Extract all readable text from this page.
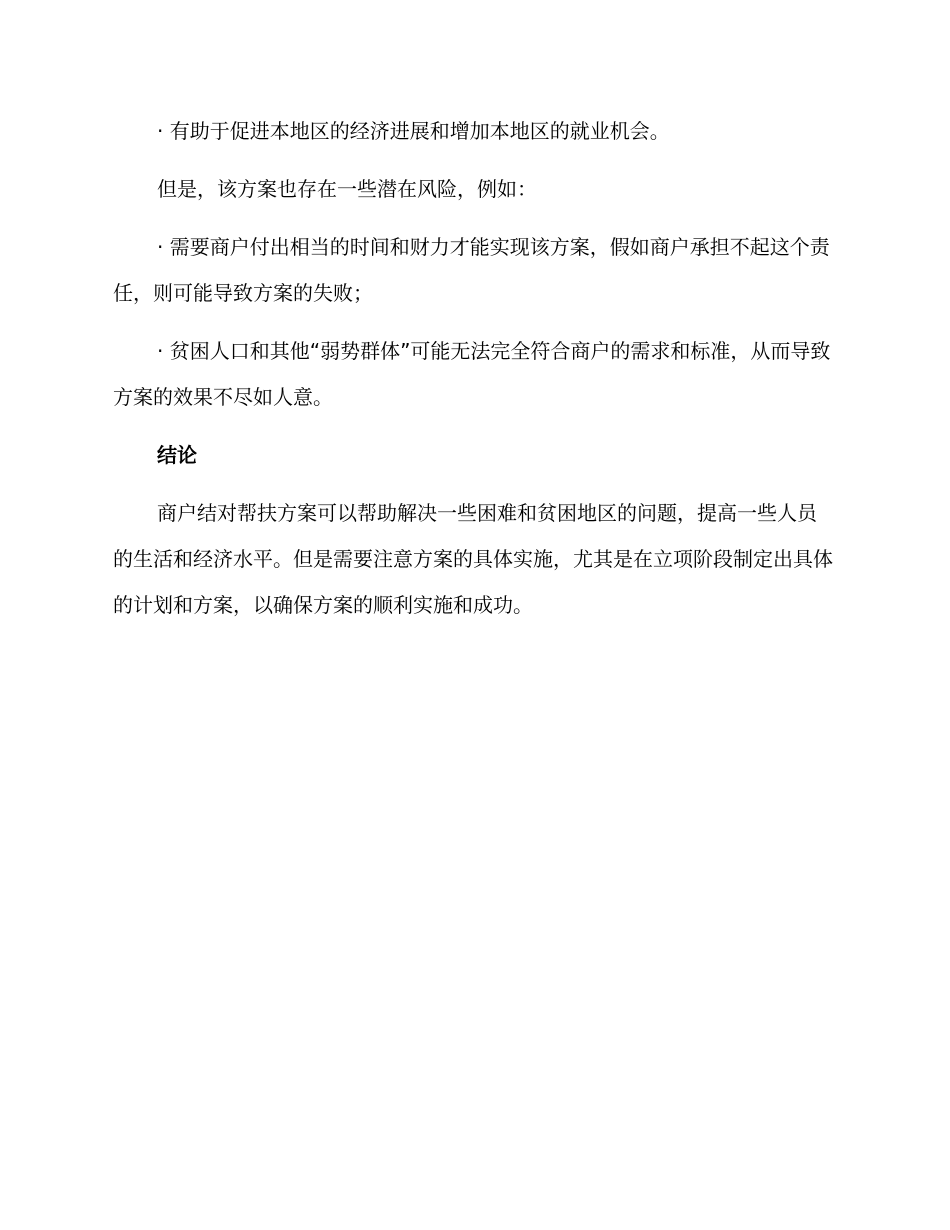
· 有助于促进本地区的经济进展和增加本地区的就业机会。

但是，该方案也存在一些潜在风险，例如：

· 需要商户付出相当的时间和财力才能实现该方案，假如商户承担不起这个责任，则可能导致方案的失败；

· 贫困人口和其他“弱势群体”可能无法完全符合商户的需求和标准，从而导致方案的效果不尽如人意。

结论

商户结对帮扶方案可以帮助解决一些困难和贫困地区的问题，提高一些人员的生活和经济水平。但是需要注意方案的具体实施，尤其是在立项阶段制定出具体的计划和方案，以确保方案的顺利实施和成功。
